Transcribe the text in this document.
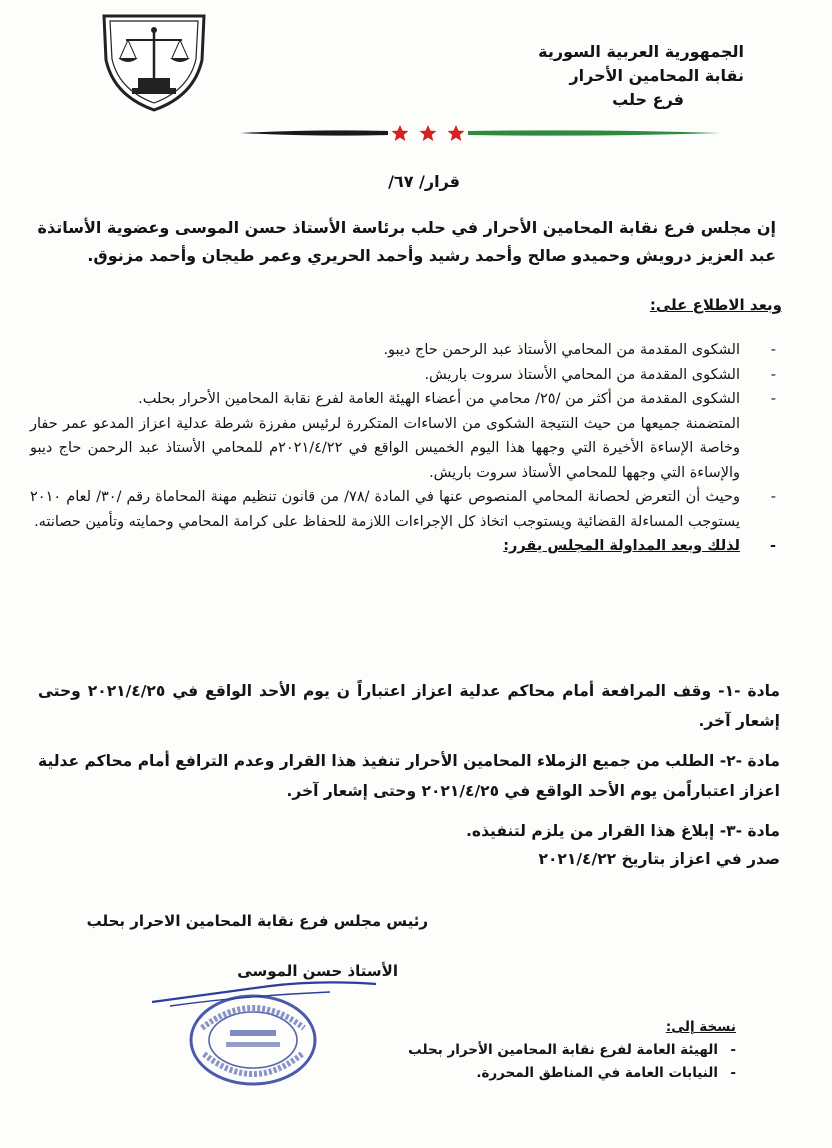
الجمهورية العربية السورية
نقابة المحامين الأحرار
فرع حلب
قرار/ ٦٧/
إن مجلس فرع نقابة المحامين الأحرار في حلب برئاسة الأستاذ حسن الموسى وعضوية الأساتذة عبد العزيز درويش وحميدو صالح وأحمد رشيد وأحمد الحريري وعمر طيجان وأحمد مزنوق.
وبعد الاطلاع على:
-
الشكوى المقدمة من المحامي الأستاذ عبد الرحمن حاج ديبو.
-
الشكوى المقدمة من المحامي الأستاذ سروت باريش.
-
الشكوى المقدمة من أكثر من /٢٥/ محامي من أعضاء الهيئة العامة لفرع نقابة المحامين الأحرار بحلب.
المتضمنة جميعها من حيث النتيجة الشكوى من الاساءات المتكررة لرئيس مفرزة شرطة عدلية اعزاز المدعو عمر حفار وخاصة الإساءة الأخيرة التي وجهها هذا اليوم الخميس الواقع في ٢٠٢١/٤/٢٢م للمحامي الأستاذ عبد الرحمن حاج ديبو والإساءة التي وجهها للمحامي الأستاذ سروت باريش.
-
وحيث أن التعرض لحصانة المحامي المنصوص عنها في المادة /٧٨/ من قانون تنظيم مهنة المحاماة رقم /٣٠/ لعام ٢٠١٠ يستوجب المساءلة القضائية ويستوجب اتخاذ كل الإجراءات اللازمة للحفاظ على كرامة المحامي وحمايته وتأمين حصانته.
-
لذلك وبعد المداولة المجلس يقرر:
مادة -١- وقف المرافعة أمام محاكم عدلية اعزاز اعتباراً ن يوم الأحد الواقع في ٢٠٢١/٤/٢٥ وحتى إشعار آخر.
مادة -٢- الطلب من جميع الزملاء المحامين الأحرار تنفيذ هذا القرار وعدم الترافع أمام محاكم عدلية اعزاز اعتباراًمن يوم الأحد الواقع في ٢٠٢١/٤/٢٥ وحتى إشعار آخر.
مادة -٣- إبلاغ هذا القرار من يلزم لتنفيذه.
صدر في اعزاز بتاريخ ٢٠٢١/٤/٢٢
رئيس مجلس فرع نقابة المحامين الاحرار بحلب
الأستاذ حسن الموسى
نسخة إلى:
- الهيئة العامة لفرع نقابة المحامين الأحرار بحلب
- النيابات العامة في المناطق المحررة.
